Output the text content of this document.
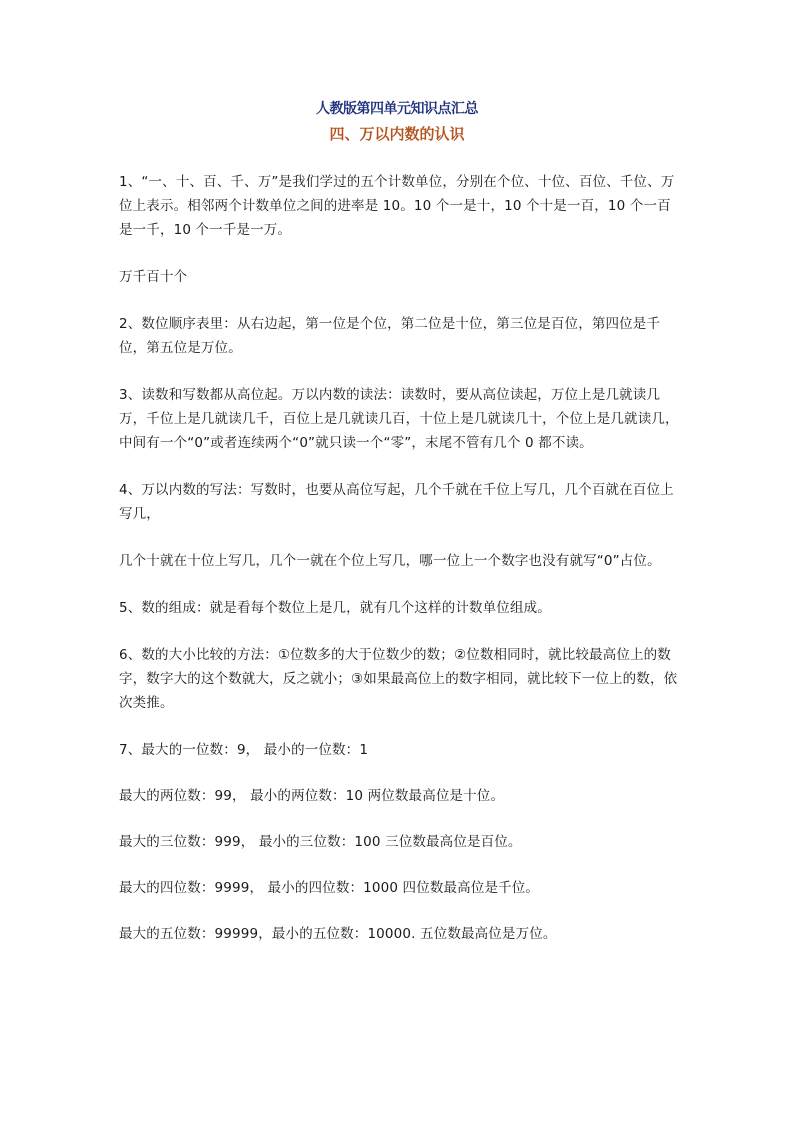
人教版第四单元知识点汇总
四、万以内数的认识

1、“一、十、百、千、万”是我们学过的五个计数单位，分别在个位、十位、百位、千位、万位上表示。相邻两个计数单位之间的进率是 10。10 个一是十，10 个十是一百，10 个一百是一千，10 个一千是一万。

万千百十个

2、数位顺序表里：从右边起，第一位是个位，第二位是十位，第三位是百位，第四位是千位，第五位是万位。

3、读数和写数都从高位起。万以内数的读法：读数时，要从高位读起，万位上是几就读几万，千位上是几就读几千，百位上是几就读几百，十位上是几就读几十，个位上是几就读几，中间有一个“0”或者连续两个“0”就只读一个“零”，末尾不管有几个 0 都不读。

4、万以内数的写法：写数时，也要从高位写起，几个千就在千位上写几，几个百就在百位上写几，

几个十就在十位上写几，几个一就在个位上写几，哪一位上一个数字也没有就写“0”占位。

5、数的组成：就是看每个数位上是几，就有几个这样的计数单位组成。

6、数的大小比较的方法：①位数多的大于位数少的数；②位数相同时，就比较最高位上的数字，数字大的这个数就大，反之就小；③如果最高位上的数字相同，就比较下一位上的数，依次类推。

7、最大的一位数：9， 最小的一位数：1

最大的两位数：99， 最小的两位数：10 两位数最高位是十位。

最大的三位数：999， 最小的三位数：100 三位数最高位是百位。

最大的四位数：9999， 最小的四位数：1000 四位数最高位是千位。

最大的五位数：99999，最小的五位数：10000. 五位数最高位是万位。
